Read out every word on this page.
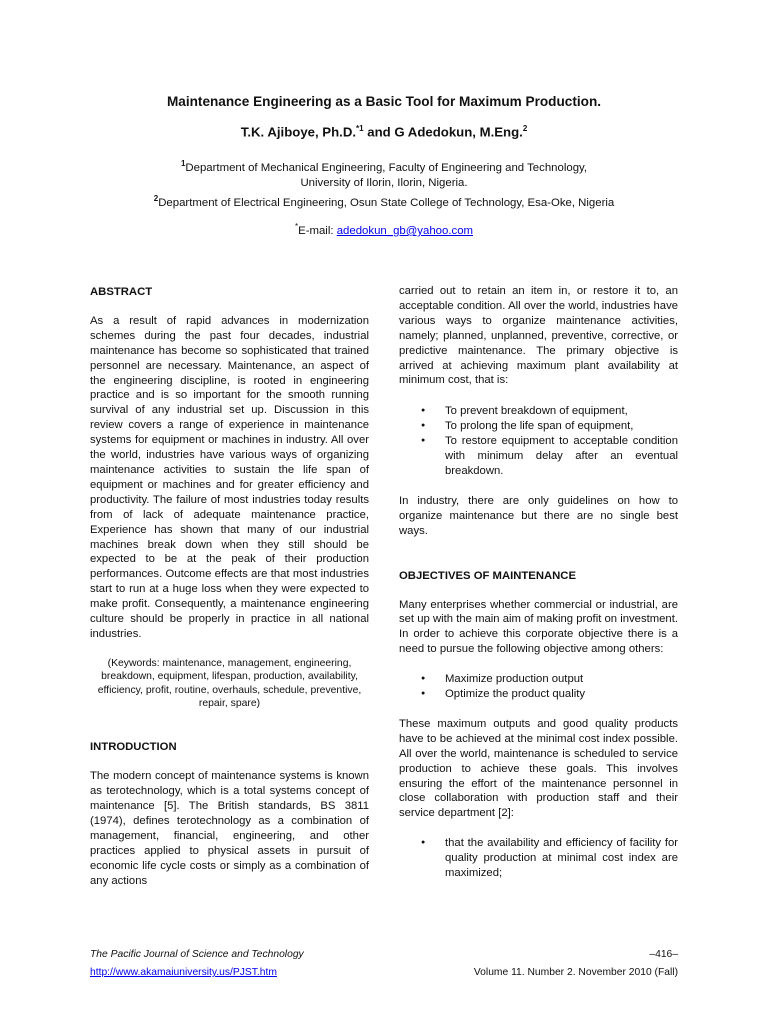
Maintenance Engineering as a Basic Tool for Maximum Production.
T.K. Ajiboye, Ph.D.$^{*1}$ and G Adedokun, M.Eng.$^2$
$^1$Department of Mechanical Engineering, Faculty of Engineering and Technology,
University of Ilorin, Ilorin, Nigeria.
$^2$Department of Electrical Engineering, Osun State College of Technology, Esa-Oke, Nigeria
*E-mail: adedokun_gb@yahoo.com

ABSTRACT

As a result of rapid advances in modernization schemes during the past four decades, industrial maintenance has become so sophisticated that trained personnel are necessary. Maintenance, an aspect of the engineering discipline, is rooted in engineering practice and is so important for the smooth running survival of any industrial set up. Discussion in this review covers a range of experience in maintenance systems for equipment or machines in industry. All over the world, industries have various ways of organizing maintenance activities to sustain the life span of equipment or machines and for greater efficiency and productivity. The failure of most industries today results from of lack of adequate maintenance practice, Experience has shown that many of our industrial machines break down when they still should be expected to be at the peak of their production performances. Outcome effects are that most industries start to run at a huge loss when they were expected to make profit. Consequently, a maintenance engineering culture should be properly in practice in all national industries.

(Keywords: maintenance, management, engineering, breakdown, equipment, lifespan, production, availability, efficiency, profit, routine, overhauls, schedule, preventive, repair, spare)

INTRODUCTION

The modern concept of maintenance systems is known as terotechnology, which is a total systems concept of maintenance [5]. The British standards, BS 3811 (1974), defines terotechnology as a combination of management, financial, engineering, and other practices applied to physical assets in pursuit of economic life cycle costs or simply as a combination of any actions

carried out to retain an item in, or restore it to, an acceptable condition. All over the world, industries have various ways to organize maintenance activities, namely; planned, unplanned, preventive, corrective, or predictive maintenance. The primary objective is arrived at achieving maximum plant availability at minimum cost, that is:

● To prevent breakdown of equipment,
● To prolong the life span of equipment,
● To restore equipment to acceptable condition with minimum delay after an eventual breakdown.

In industry, there are only guidelines on how to organize maintenance but there are no single best ways.

OBJECTIVES OF MAINTENANCE

Many enterprises whether commercial or industrial, are set up with the main aim of making profit on investment. In order to achieve this corporate objective there is a need to pursue the following objective among others:

● Maximize production output
● Optimize the product quality

These maximum outputs and good quality products have to be achieved at the minimal cost index possible. All over the world, maintenance is scheduled to service production to achieve these goals. This involves ensuring the effort of the maintenance personnel in close collaboration with production staff and their service department [2]:

● that the availability and efficiency of facility for quality production at minimal cost index are maximized;
The Pacific Journal of Science and Technology
http://www.akamaiuniversity.us/PJST.htm
–416–
Volume 11. Number 2. November 2010 (Fall)
